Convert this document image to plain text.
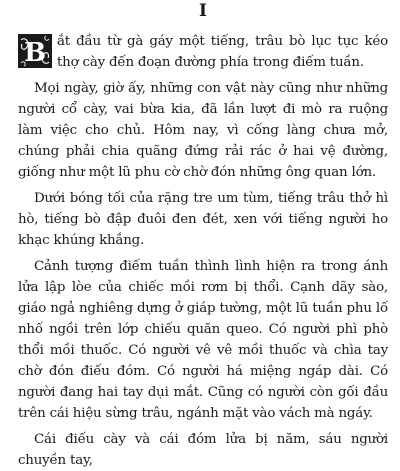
I

B ắt đầu từ gà gáy một tiếng, trâu bò lục tục kéo thợ cày đến đoạn đường phía trong điếm tuần.

Mọi ngày, giờ ấy, những con vật này cũng như những người cổ cày, vai bừa kia, đã lần lượt đi mò ra ruộng làm việc cho chủ. Hôm nay, vì cống làng chưa mở, chúng phải chia quãng đứng rải rác ở hai vệ đường, giống như một lũ phu cờ chờ đón những ông quan lớn.

Dưới bóng tối của rặng tre um tùm, tiếng trâu thở hì hò, tiếng bò đập đuôi đen đét, xen với tiếng người ho khạc khúng khắng.

Cảnh tượng điếm tuần thình lình hiện ra trong ánh lửa lập lòe của chiếc mồi rơm bị thổi. Cạnh dãy sào, giáo ngả nghiêng dựng ở giáp tường, một lũ tuần phu lố nhố ngồi trên lớp chiếu quăn queo. Có người phì phò thổi mồi thuốc. Có người vê vê mồi thuốc và chìa tay chờ đón điếu đóm. Có người há miệng ngáp dài. Có người đang hai tay dụi mắt. Cũng có người còn gối đầu trên cái hiệu sừng trâu, ngánh mặt vào vách mà ngáy.

Cái điếu cày và cái đóm lửa bị năm, sáu người chuyền tay,
